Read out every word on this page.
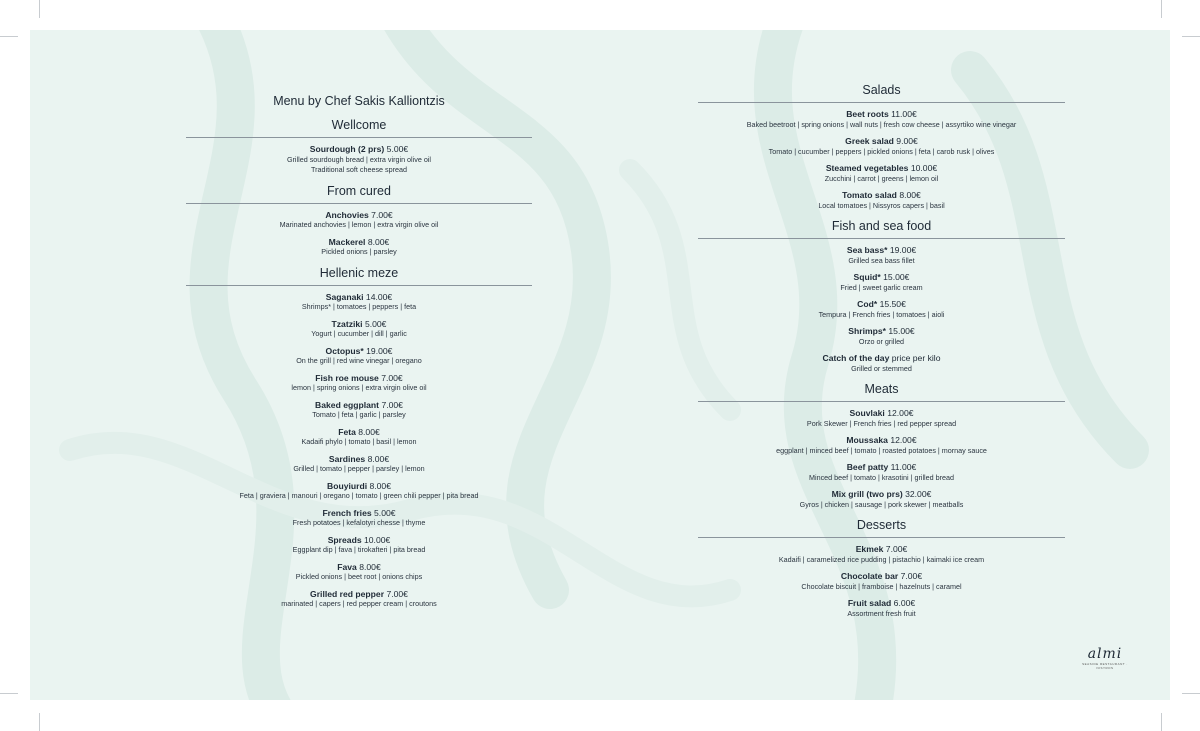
Menu by Chef Sakis Kalliontzis
Wellcome
Sourdough (2 prs) 5.00€
Grilled sourdough bread | extra virgin olive oil
Traditional soft cheese spread
From cured
Anchovies 7.00€
Marinated anchovies | lemon | extra virgin olive oil
Mackerel 8.00€
Pickled onions | parsley
Hellenic meze
Saganaki 14.00€
Shrimps* | tomatoes | peppers | feta
Tzatziki 5.00€
Yogurt | cucumber | dill | garlic
Octopus* 19.00€
On the grill | red wine vinegar | oregano
Fish roe mouse 7.00€
lemon | spring onions | extra virgin olive oil
Baked eggplant 7.00€
Tomato | feta | garlic | parsley
Feta 8.00€
Kadaifi phylo | tomato | basil | lemon
Sardines 8.00€
Grilled | tomato | pepper | parsley | lemon
Bouyiurdi 8.00€
Feta | graviera | manouri | oregano | tomato | green chili pepper | pita bread
French fries 5.00€
Fresh potatoes | kefalotyri chesse | thyme
Spreads 10.00€
Eggplant dip | fava | tirokafteri | pita bread
Fava 8.00€
Pickled onions | beet root | onions chips
Grilled red pepper 7.00€
marinated | capers | red pepper cream | croutons
Salads
Beet roots 11.00€
Baked beetroot | spring onions | wall nuts | fresh cow cheese | assyrtiko wine vinegar
Greek salad 9.00€
Tomato | cucumber | peppers | pickled onions | feta | carob rusk | olives
Steamed vegetables 10.00€
Zucchini | carrot | greens | lemon oil
Tomato salad 8.00€
Local tomatoes | Nissyros capers | basil
Fish and sea food
Sea bass* 19.00€
Grilled sea bass fillet
Squid* 15.00€
Fried | sweet garlic cream
Cod* 15.50€
Tempura | French fries | tomatoes | aioli
Shrimps* 15.00€
Orzo or grilled
Catch of the day price per kilo
Grilled or stemmed
Meats
Souvlaki 12.00€
Pork Skewer | French fries | red pepper spread
Moussaka 12.00€
eggplant | minced beef | tomato | roasted potatoes | mornay sauce
Beef patty 11.00€
Minced beef | tomato | krasotini | grilled bread
Mix grill (two prs) 32.00€
Gyros | chicken | sausage | pork skewer | meatballs
Desserts
Ekmek 7.00€
Kadaifi | caramelized rice pudding | pistachio | kaimaki ice cream
Chocolate bar 7.00€
Chocolate biscuit | framboise | hazelnuts | caramel
Fruit salad 6.00€
Assortment fresh fruit
almi
SEASIDE RESTAURANT · NISYROS
